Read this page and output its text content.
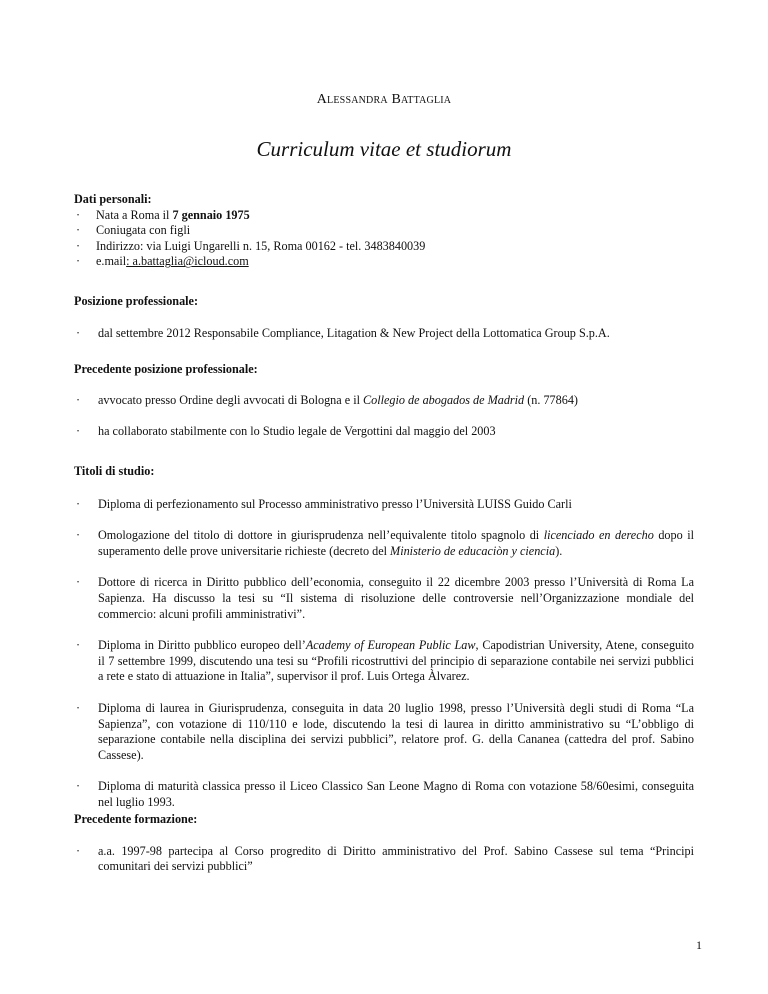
Alessandra Battaglia
Curriculum vitae et studiorum

Dati personali:

· Nata a Roma il 7 gennaio 1975
· Coniugata con figli
· Indirizzo: via Luigi Ungarelli n. 15, Roma 00162 - tel. 3483840039
· e.mail: a.battaglia@icloud.com

Posizione professionale:

· dal settembre 2012 Responsabile Compliance, Litagation & New Project della Lottomatica Group S.p.A.

Precedente posizione professionale:

· avvocato presso Ordine degli avvocati di Bologna e il Collegio de abogados de Madrid (n. 77864)
· ha collaborato stabilmente con lo Studio legale de Vergottini dal maggio del 2003

Titoli di studio:

· Diploma di perfezionamento sul Processo amministrativo presso l’Università LUISS Guido Carli
· Omologazione del titolo di dottore in giurisprudenza nell’equivalente titolo spagnolo di licenciado en derecho dopo il superamento delle prove universitarie richieste (decreto del Ministerio de educaciòn y ciencia).
· Dottore di ricerca in Diritto pubblico dell’economia, conseguito il 22 dicembre 2003 presso l’Università di Roma La Sapienza. Ha discusso la tesi su “Il sistema di risoluzione delle controversie nell’Organizzazione mondiale del commercio: alcuni profili amministrativi”.
· Diploma in Diritto pubblico europeo dell’Academy of European Public Law, Capodistrian University, Atene, conseguito il 7 settembre 1999, discutendo una tesi su “Profili ricostruttivi del principio di separazione contabile nei servizi pubblici a rete e stato di attuazione in Italia”, supervisor il prof. Luis Ortega Àlvarez.
· Diploma di laurea in Giurisprudenza, conseguita in data 20 luglio 1998, presso l’Università degli studi di Roma “La Sapienza”, con votazione di 110/110 e lode, discutendo la tesi di laurea in diritto amministrativo su “L’obbligo di separazione contabile nella disciplina dei servizi pubblici”, relatore prof. G. della Cananea (cattedra del prof. Sabino Cassese).
· Diploma di maturità classica presso il Liceo Classico San Leone Magno di Roma con votazione 58/60esimi, conseguita nel luglio 1993.

Precedente formazione:

· a.a. 1997-98 partecipa al Corso progredito di Diritto amministrativo del Prof. Sabino Cassese sul tema “Principi comunitari dei servizi pubblici”
1
